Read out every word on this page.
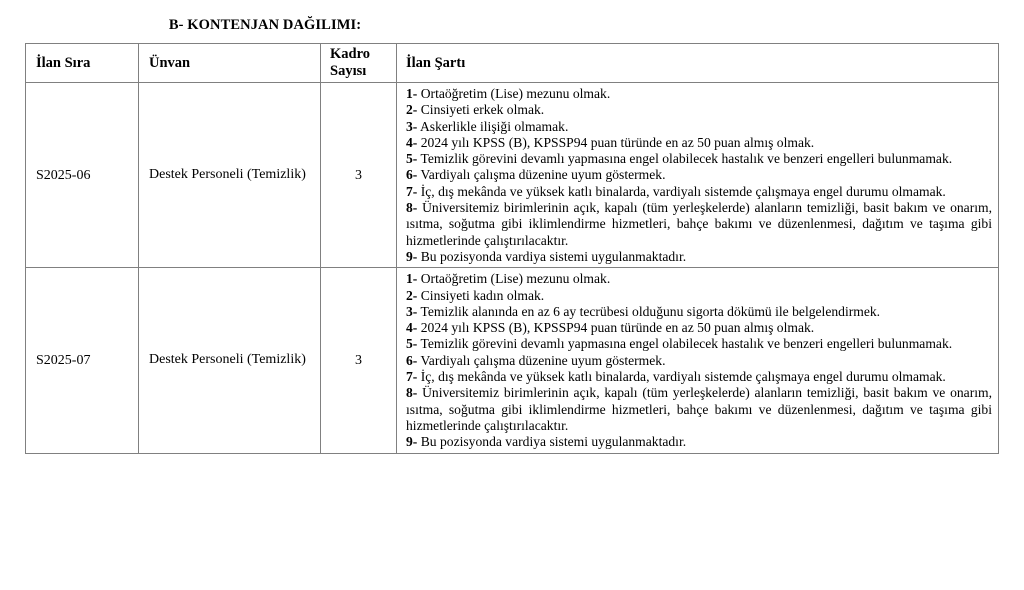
B- KONTENJAN DAĞILIMI:
İlan Sıra	Ünvan	Kadro Sayısı	İlan Şartı
S2025-06	Destek Personeli (Temizlik)	3	
1- Ortaöğretim (Lise) mezunu olmak.
2- Cinsiyeti erkek olmak.
3- Askerlikle ilişiği olmamak.
4- 2024 yılı KPSS (B), KPSSP94 puan türünde en az 50 puan almış olmak.
5- Temizlik görevini devamlı yapmasına engel olabilecek hastalık ve benzeri engelleri bulunmamak.
6- Vardiyalı çalışma düzenine uyum göstermek.
7- İç, dış mekânda ve yüksek katlı binalarda, vardiyalı sistemde çalışmaya engel durumu olmamak.
8- Üniversitemiz birimlerinin açık, kapalı (tüm yerleşkelerde) alanların temizliği, basit bakım ve onarım, ısıtma, soğutma gibi iklimlendirme hizmetleri, bahçe bakımı ve düzenlenmesi, dağıtım ve taşıma gibi hizmetlerinde çalıştırılacaktır.
9- Bu pozisyonda vardiya sistemi uygulanmaktadır.

S2025-07	Destek Personeli (Temizlik)	3	
1- Ortaöğretim (Lise) mezunu olmak.
2- Cinsiyeti kadın olmak.
3- Temizlik alanında en az 6 ay tecrübesi olduğunu sigorta dökümü ile belgelendirmek.
4- 2024 yılı KPSS (B), KPSSP94 puan türünde en az 50 puan almış olmak.
5- Temizlik görevini devamlı yapmasına engel olabilecek hastalık ve benzeri engelleri bulunmamak.
6- Vardiyalı çalışma düzenine uyum göstermek.
7- İç, dış mekânda ve yüksek katlı binalarda, vardiyalı sistemde çalışmaya engel durumu olmamak.
8- Üniversitemiz birimlerinin açık, kapalı (tüm yerleşkelerde) alanların temizliği, basit bakım ve onarım, ısıtma, soğutma gibi iklimlendirme hizmetleri, bahçe bakımı ve düzenlenmesi, dağıtım ve taşıma gibi hizmetlerinde çalıştırılacaktır.
9- Bu pozisyonda vardiya sistemi uygulanmaktadır.
